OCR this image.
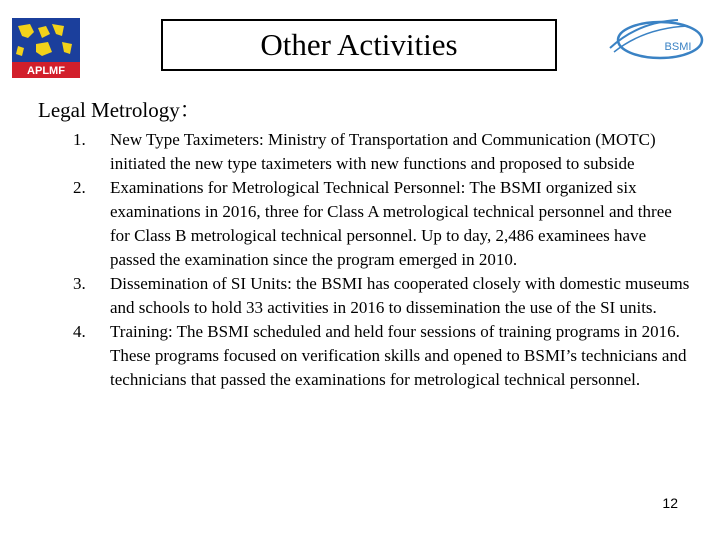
APLMF
Other Activities	BSMI
Legal Metrology：
1. New Type Taximeters: Ministry of Transportation and Communication (MOTC) initiated the new type taximeters with new functions and proposed to subside
2. Examinations for Metrological Technical Personnel: The BSMI organized six examinations in 2016, three for Class A metrological technical personnel and three for Class B metrological technical personnel. Up to day, 2,486 examinees have passed the examination since the program emerged in 2010.
3. Dissemination of SI Units: the BSMI has cooperated closely with domestic museums and schools to hold 33 activities in 2016 to dissemination the use of the SI units.
4. Training: The BSMI scheduled and held four sessions of training programs in 2016. These programs focused on verification skills and opened to BSMI’s technicians and technicians that passed the examinations for metrological technical personnel.
12
